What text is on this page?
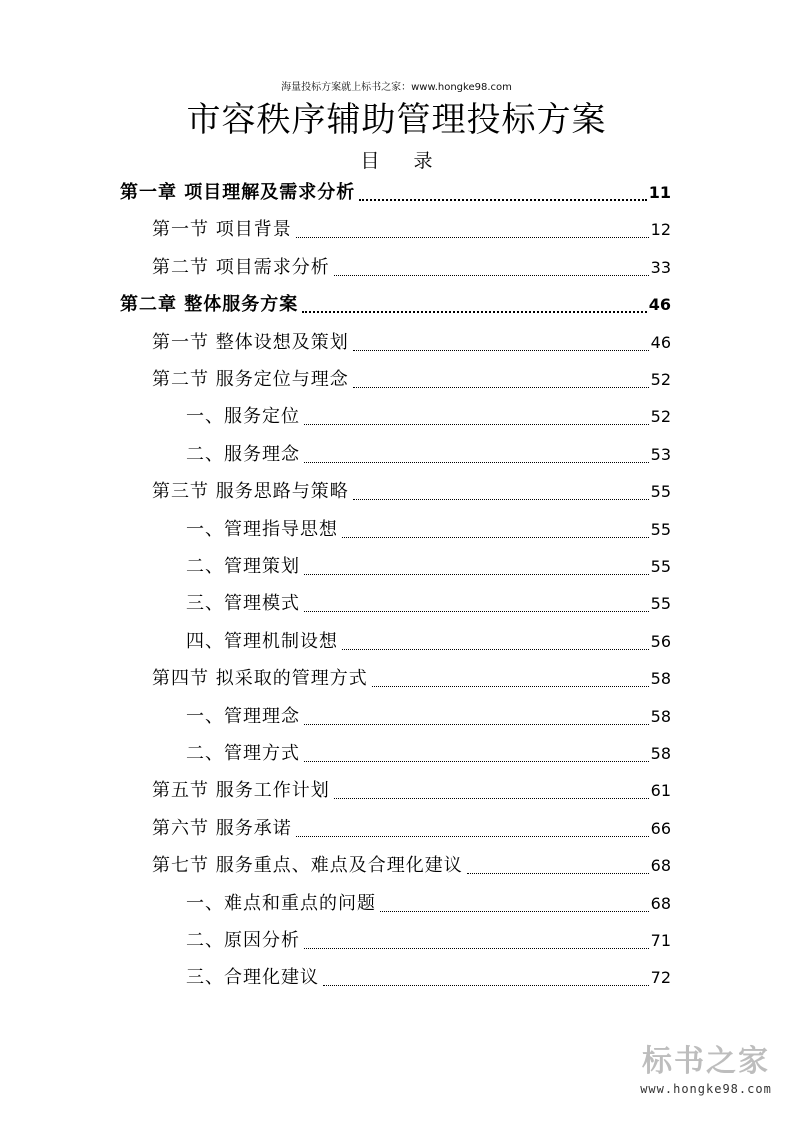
海量投标方案就上标书之家：www.hongke98.com
市容秩序辅助管理投标方案
目 录
第一章 项目理解及需求分析	11
第一节 项目背景	12
第二节 项目需求分析	33
第二章 整体服务方案	46
第一节 整体设想及策划	46
第二节 服务定位与理念	52
一、服务定位	52
二、服务理念	53
第三节 服务思路与策略	55
一、管理指导思想	55
二、管理策划	55
三、管理模式	55
四、管理机制设想	56
第四节 拟采取的管理方式	58
一、管理理念	58
二、管理方式	58
第五节 服务工作计划	61
第六节 服务承诺	66
第七节 服务重点、难点及合理化建议	68
一、难点和重点的问题	68
二、原因分析	71
三、合理化建议	72
标书之家
www.hongke98.com
